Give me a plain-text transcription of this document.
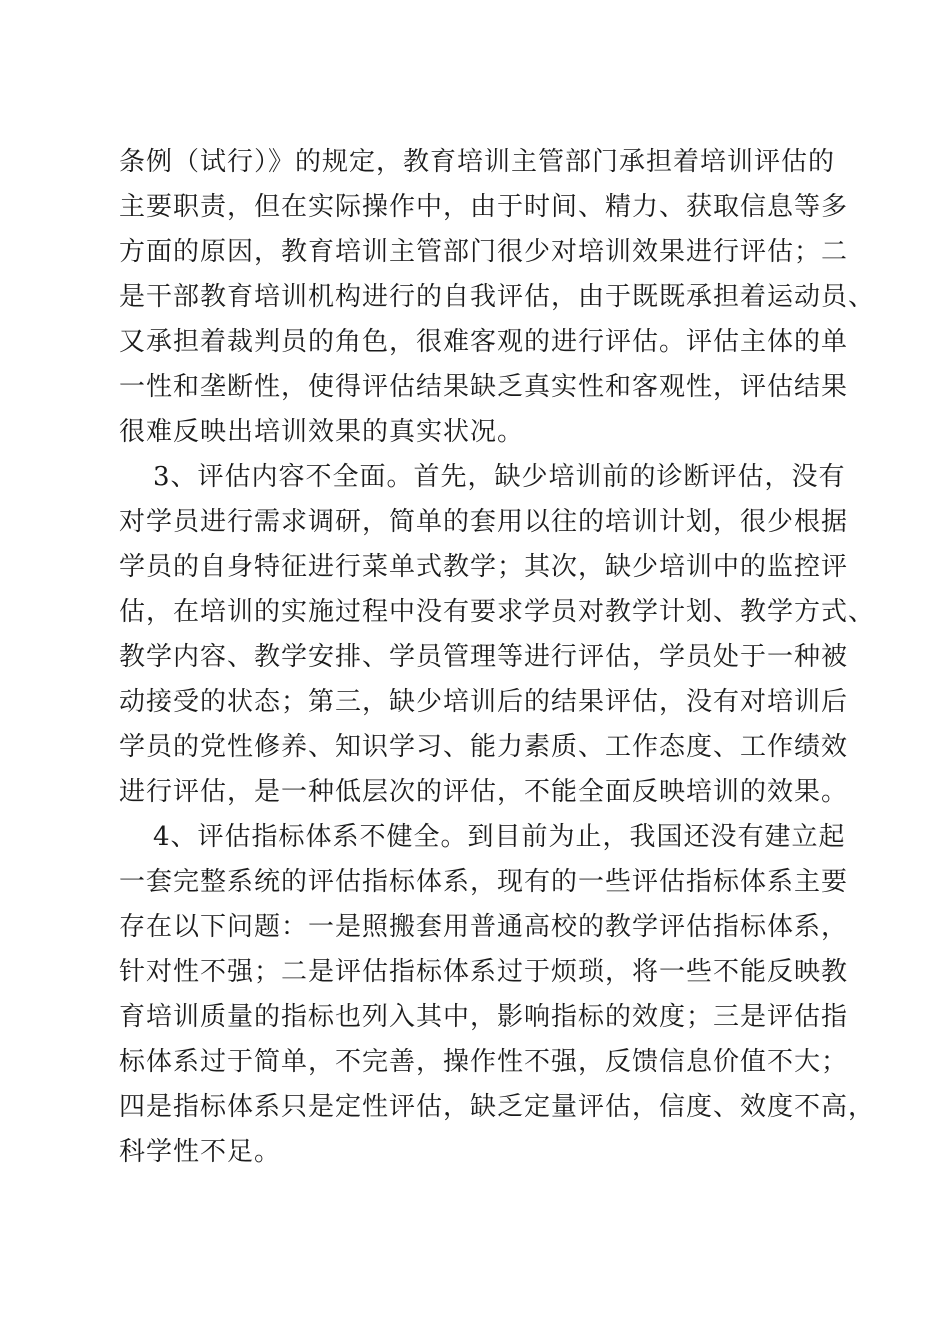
条例（试行）》的规定，教育培训主管部门承担着培训评估的
主要职责，但在实际操作中，由于时间、精力、获取信息等多
方面的原因，教育培训主管部门很少对培训效果进行评估；二
是干部教育培训机构进行的自我评估，由于既既承担着运动员、
又承担着裁判员的角色，很难客观的进行评估。评估主体的单
一性和垄断性，使得评估结果缺乏真实性和客观性，评估结果
很难反映出培训效果的真实状况。
3、评估内容不全面。首先，缺少培训前的诊断评估，没有
对学员进行需求调研，简单的套用以往的培训计划，很少根据
学员的自身特征进行菜单式教学；其次，缺少培训中的监控评
估，在培训的实施过程中没有要求学员对教学计划、教学方式、
教学内容、教学安排、学员管理等进行评估，学员处于一种被
动接受的状态；第三，缺少培训后的结果评估，没有对培训后
学员的党性修养、知识学习、能力素质、工作态度、工作绩效
进行评估，是一种低层次的评估，不能全面反映培训的效果。
4、评估指标体系不健全。到目前为止，我国还没有建立起
一套完整系统的评估指标体系，现有的一些评估指标体系主要
存在以下问题：一是照搬套用普通高校的教学评估指标体系，
针对性不强；二是评估指标体系过于烦琐，将一些不能反映教
育培训质量的指标也列入其中，影响指标的效度；三是评估指
标体系过于简单，不完善，操作性不强，反馈信息价值不大；
四是指标体系只是定性评估，缺乏定量评估，信度、效度不高，
科学性不足。
